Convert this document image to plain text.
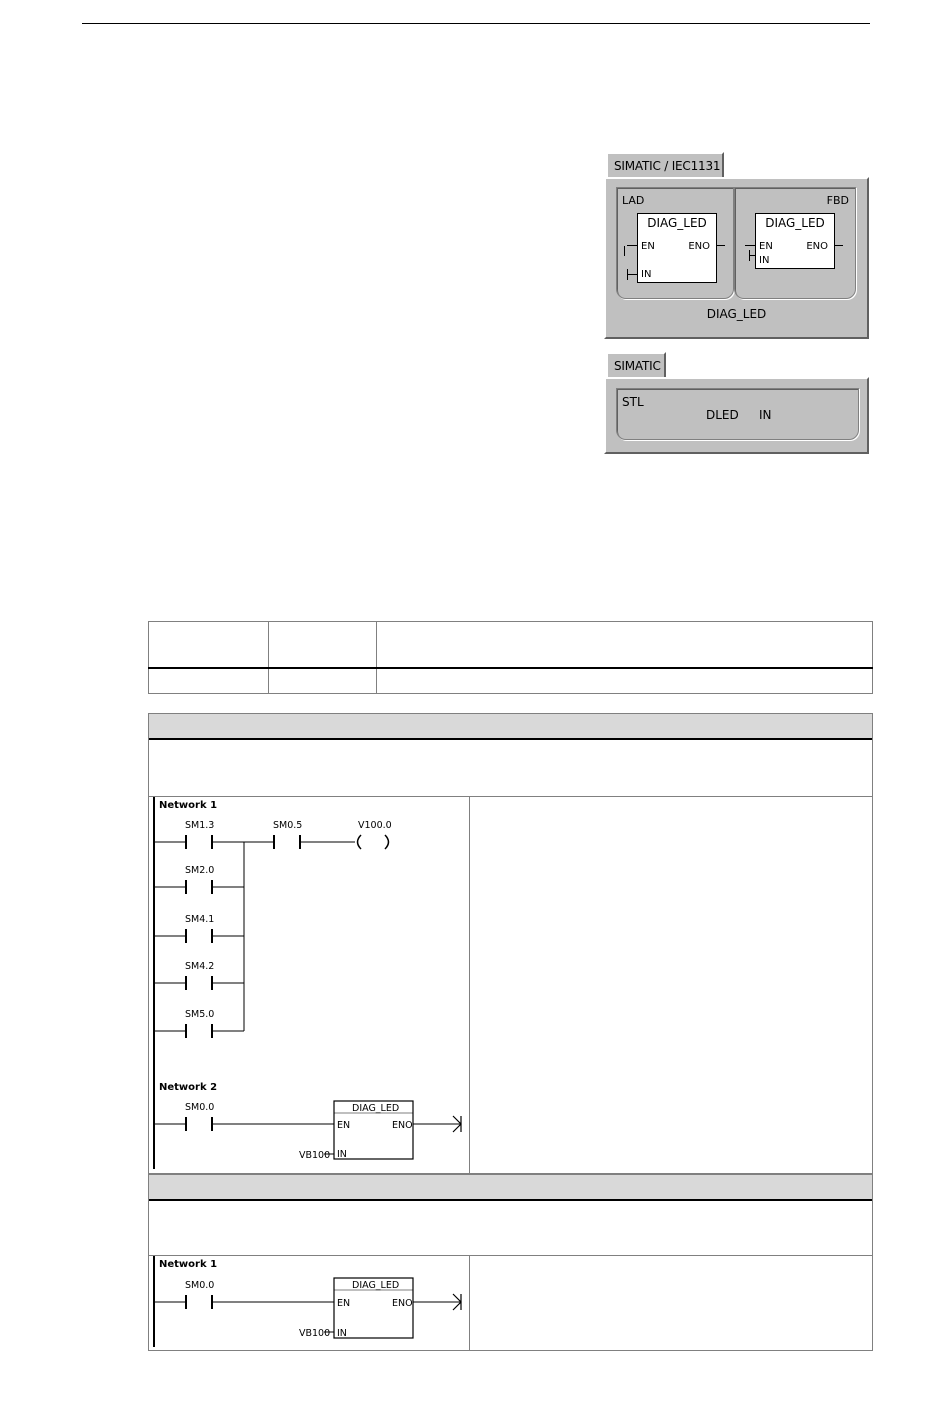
SIMATIC / IEC1131
LAD
DIAG_LED
EN	ENO
IN
FBD
DIAG_LED
EN	ENO
IN
DIAG_LED
SIMATIC
STL
DLED IN

Network 1
Network 2
SM1.3
SM2.0
SM4.1
SM4.2
SM5.0
SM0.5	V100.0
SM0.0	DIAG_LED
EN	ENO
IN
VB100
Network 1
SM0.0	DIAG_LED
EN	ENO
IN
VB100
